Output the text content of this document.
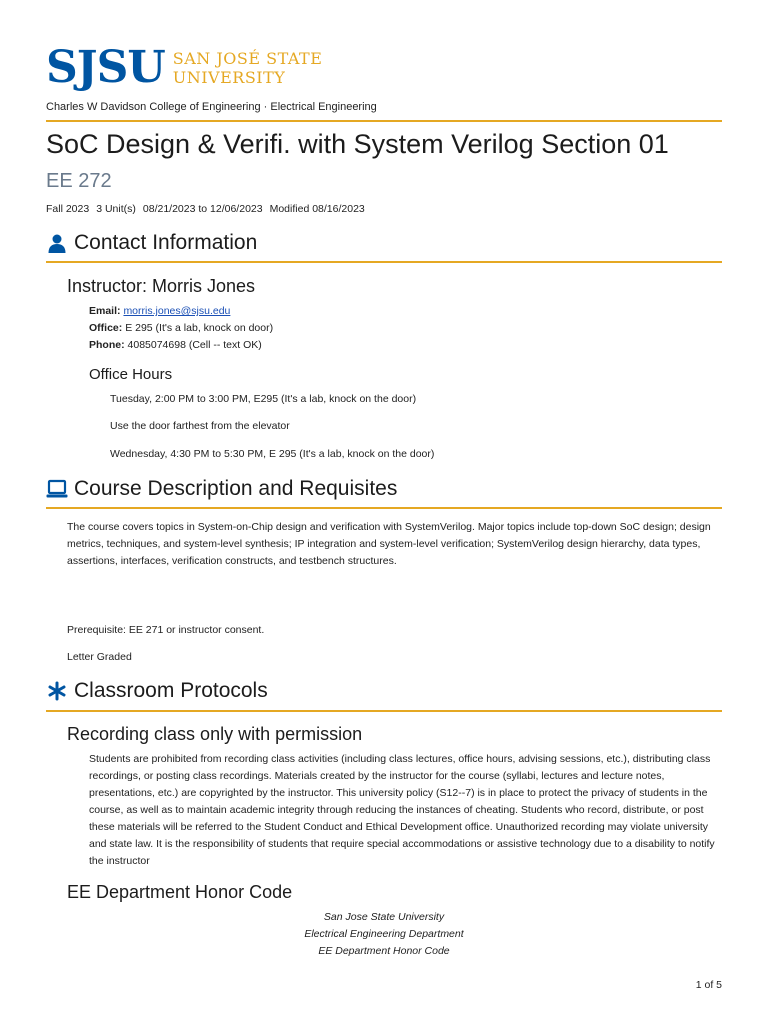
SJSU SAN JOSÉ STATE
UNIVERSITY
Charles W Davidson College of Engineering · Electrical Engineering
SoC Design & Verifi. with System Verilog Section 01
EE 272
Fall 2023 3 Unit(s) 08/21/2023 to 12/06/2023 Modified 08/16/2023
Contact Information
Instructor: Morris Jones
Email: morris.jones@sjsu.edu
Office: E 295 (It's a lab, knock on door)
Phone: 4085074698 (Cell -- text OK)
Office Hours
Tuesday, 2:00 PM to 3:00 PM, E295 (It's a lab, knock on the door)
Use the door farthest from the elevator
Wednesday, 4:30 PM to 5:30 PM, E 295 (It's a lab, knock on the door)
Course Description and Requisites

The course covers topics in System-on-Chip design and verification with SystemVerilog. Major topics include top-down SoC design; design metrics, techniques, and system-level synthesis; IP integration and system-level verification; SystemVerilog design hierarchy, data types, assertions, interfaces, verification constructs, and testbench structures.

Prerequisite: EE 271 or instructor consent.
Letter Graded
Classroom Protocols
Recording class only with permission

Students are prohibited from recording class activities (including class lectures, office hours, advising sessions, etc.), distributing class recordings, or posting class recordings. Materials created by the instructor for the course (syllabi, lectures and lecture notes, presentations, etc.) are copyrighted by the instructor. This university policy (S12--7) is in place to protect the privacy of students in the course, as well as to maintain academic integrity through reducing the instances of cheating. Students who record, distribute, or post these materials will be referred to the Student Conduct and Ethical Development office. Unauthorized recording may violate university and state law. It is the responsibility of students that require special accommodations or assistive technology due to a disability to notify the instructor

EE Department Honor Code
San Jose State University
Electrical Engineering Department
EE Department Honor Code
1 of 5
